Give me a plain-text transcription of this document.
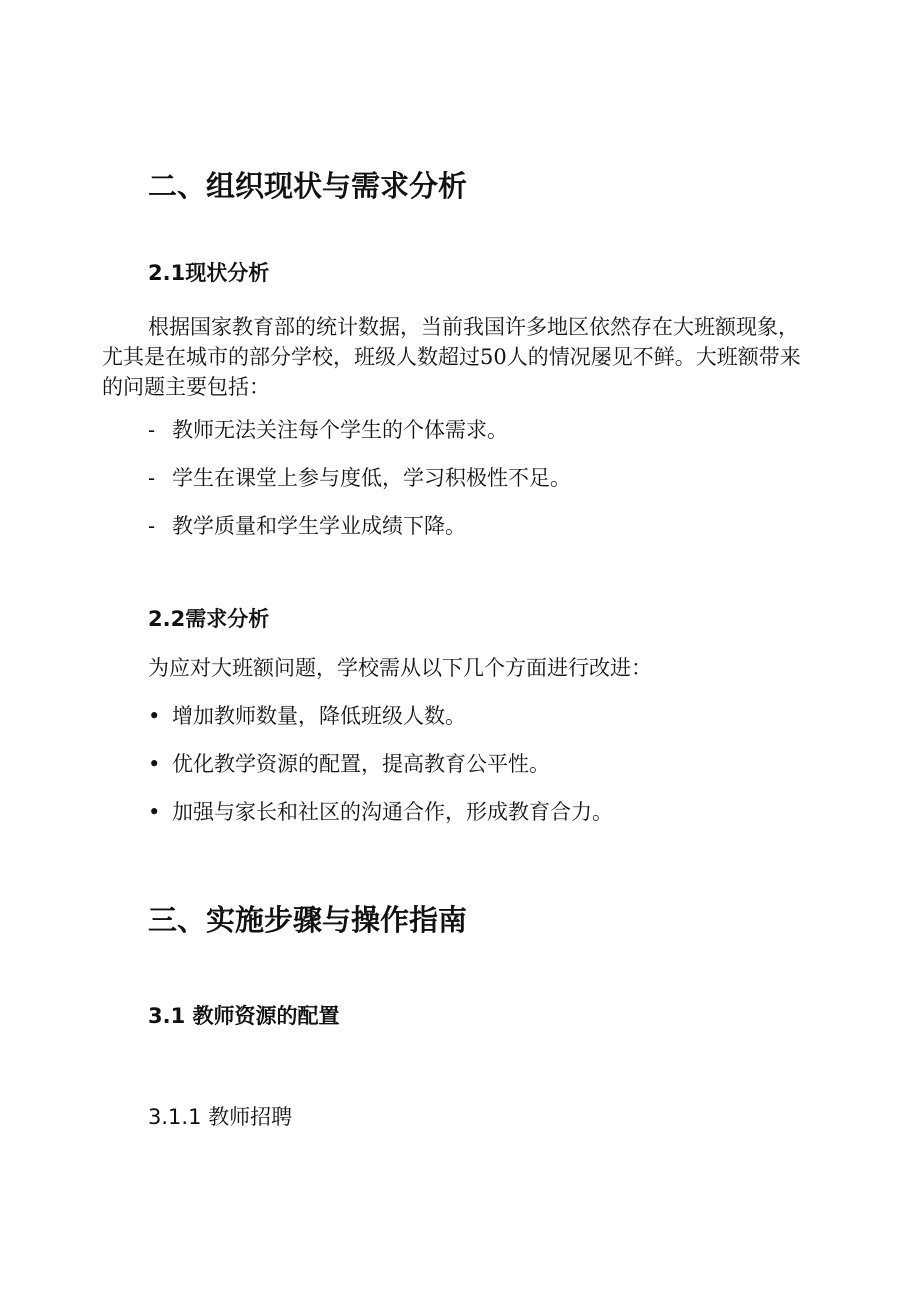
二、组织现状与需求分析
2.1现状分析

根据国家教育部的统计数据，当前我国许多地区依然存在大班额现象，尤其是在城市的部分学校，班级人数超过50人的情况屡见不鲜。大班额带来的问题主要包括：

- 教师无法关注每个学生的个体需求。
- 学生在课堂上参与度低，学习积极性不足。
- 教学质量和学生学业成绩下降。
2.2需求分析

为应对大班额问题，学校需从以下几个方面进行改进：

• 增加教师数量，降低班级人数。
• 优化教学资源的配置，提高教育公平性。
• 加强与家长和社区的沟通合作，形成教育合力。
三、实施步骤与操作指南
3.1 教师资源的配置
3.1.1 教师招聘
